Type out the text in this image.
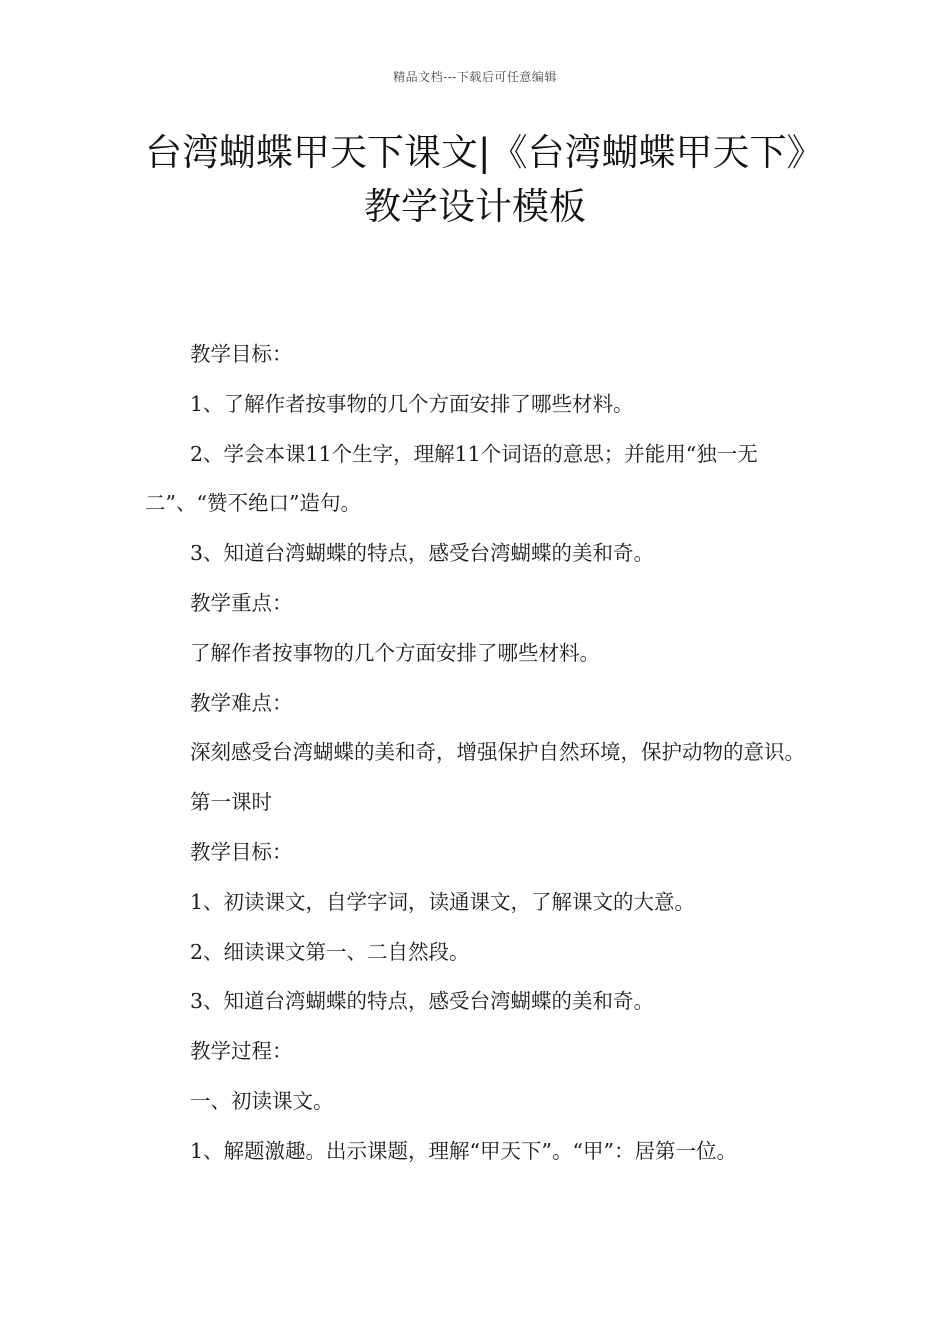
精品文档---下载后可任意编辑
台湾蝴蝶甲天下课文|《台湾蝴蝶甲天下》教学设计模板

教学目标：

1、了解作者按事物的几个方面安排了哪些材料。

2、学会本课11个生字，理解11个词语的意思；并能用“独一无二”、“赞不绝口”造句。

3、知道台湾蝴蝶的特点，感受台湾蝴蝶的美和奇。

教学重点：

了解作者按事物的几个方面安排了哪些材料。

教学难点：

深刻感受台湾蝴蝶的美和奇，增强保护自然环境，保护动物的意识。

第一课时

教学目标：

1、初读课文，自学字词，读通课文，了解课文的大意。

2、细读课文第一、二自然段。

3、知道台湾蝴蝶的特点，感受台湾蝴蝶的美和奇。

教学过程：

一、初读课文。

1、解题激趣。出示课题，理解“甲天下”。“甲”：居第一位。
